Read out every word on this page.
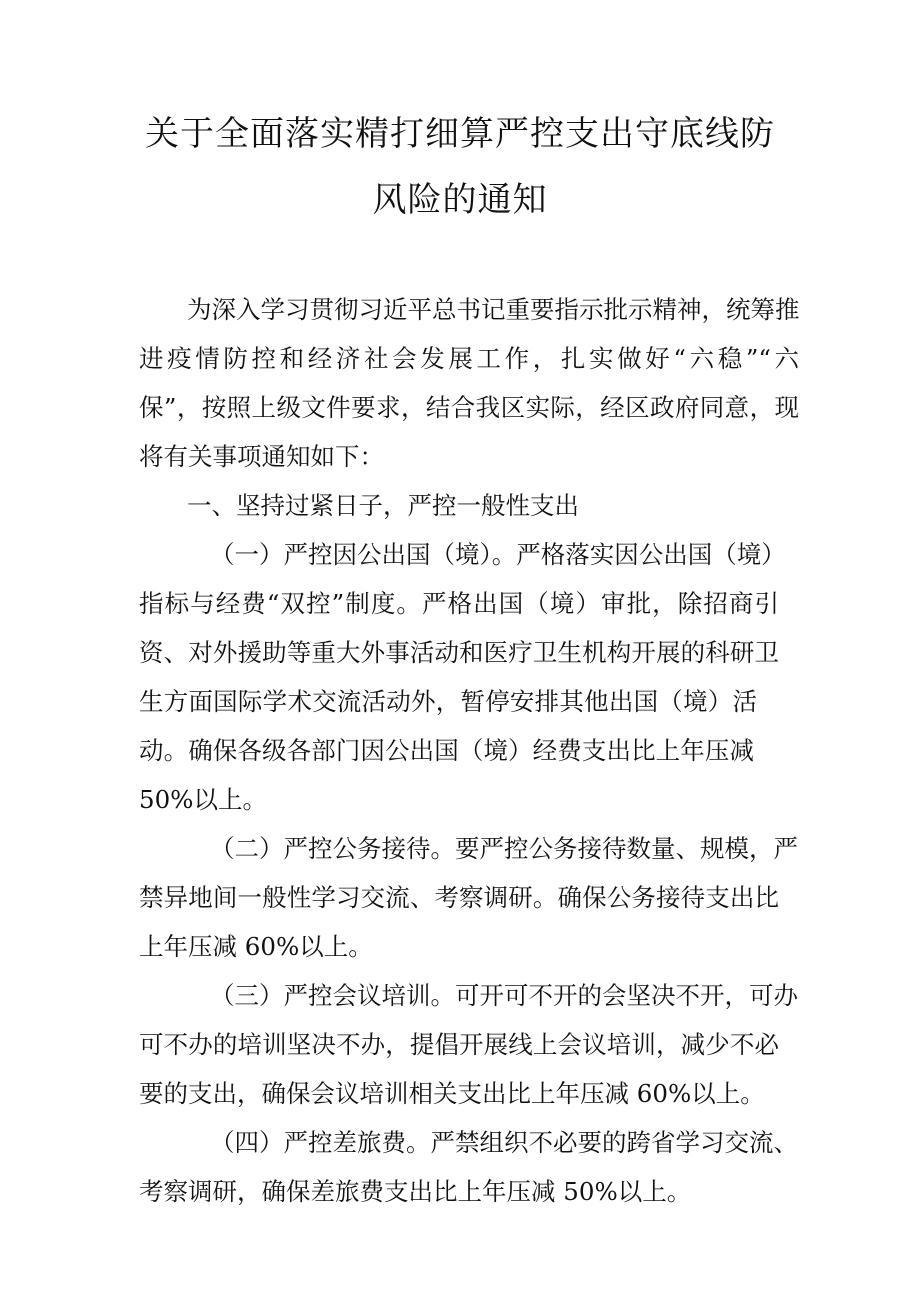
关于全面落实精打细算严控支出守底线防
风险的通知
为深入学习贯彻习近平总书记重要指示批示精神，统筹推
进疫情防控和经济社会发展工作，扎实做好“六稳”“六
保”，按照上级文件要求，结合我区实际，经区政府同意，现
将有关事项通知如下：
一、坚持过紧日子，严控一般性支出
（一）严控因公出国（境）。严格落实因公出国（境）
指标与经费“双控”制度。严格出国（境）审批，除招商引
资、对外援助等重大外事活动和医疗卫生机构开展的科研卫
生方面国际学术交流活动外，暂停安排其他出国（境）活
动。确保各级各部门因公出国（境）经费支出比上年压减
50%以上。
（二）严控公务接待。要严控公务接待数量、规模，严
禁异地间一般性学习交流、考察调研。确保公务接待支出比
上年压减 60%以上。
（三）严控会议培训。可开可不开的会坚决不开，可办
可不办的培训坚决不办，提倡开展线上会议培训，减少不必
要的支出，确保会议培训相关支出比上年压减 60%以上。
（四）严控差旅费。严禁组织不必要的跨省学习交流、
考察调研，确保差旅费支出比上年压减 50%以上。
